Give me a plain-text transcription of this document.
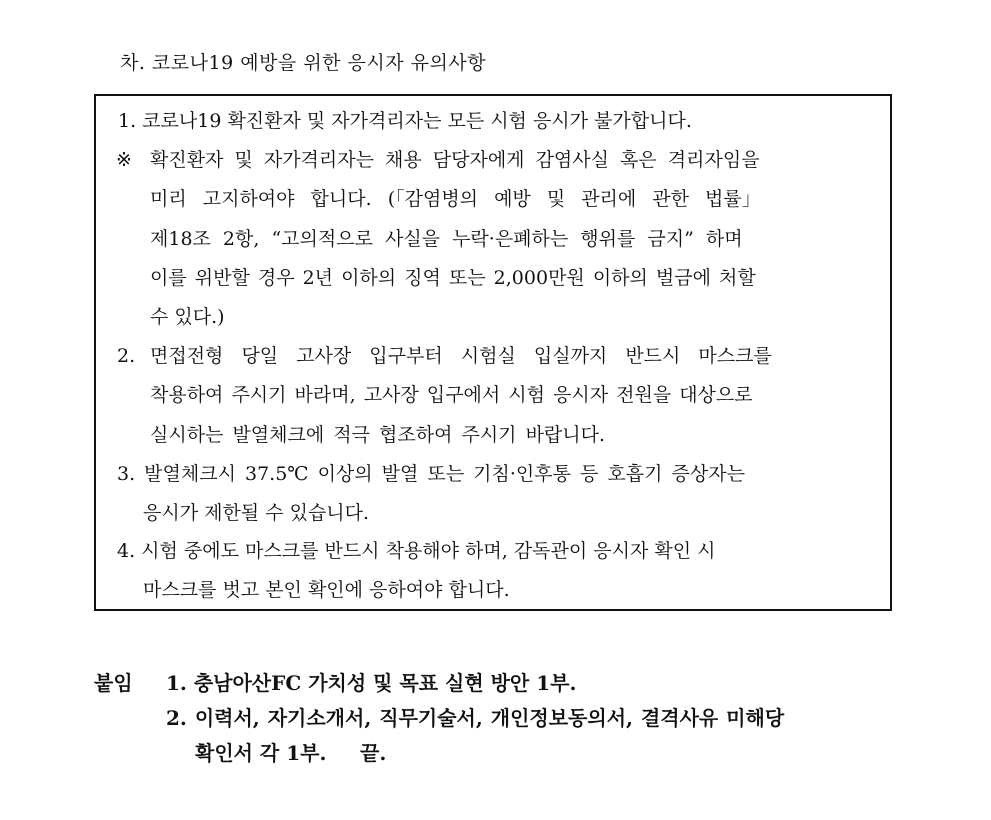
차. 코로나19 예방을 위한 응시자 유의사항
1. 코로나19 확진환자 및 자가격리자는 모든 시험 응시가 불가합니다.
※ 확진환자 및 자가격리자는 채용 담당자에게 감염사실 혹은 격리자임을
미리 고지하여야 합니다. (「감염병의 예방 및 관리에 관한 법률」
제18조 2항, “고의적으로 사실을 누락·은폐하는 행위를 금지” 하며
이를 위반할 경우 2년 이하의 징역 또는 2,000만원 이하의 벌금에 처할
수 있다.)
2. 면접전형 당일 고사장 입구부터 시험실 입실까지 반드시 마스크를
착용하여 주시기 바라며, 고사장 입구에서 시험 응시자 전원을 대상으로
실시하는 발열체크에 적극 협조하여 주시기 바랍니다.
3. 발열체크시 37.5℃ 이상의 발열 또는 기침·인후통 등 호흡기 증상자는
응시가 제한될 수 있습니다.
4. 시험 중에도 마스크를 반드시 착용해야 하며, 감독관이 응시자 확인 시
마스크를 벗고 본인 확인에 응하여야 합니다.
붙임 1. 충남아산FC 가치성 및 목표 실현 방안 1부.
2. 이력서, 자기소개서, 직무기술서, 개인정보동의서, 결격사유 미해당
확인서 각 1부. 끝.
